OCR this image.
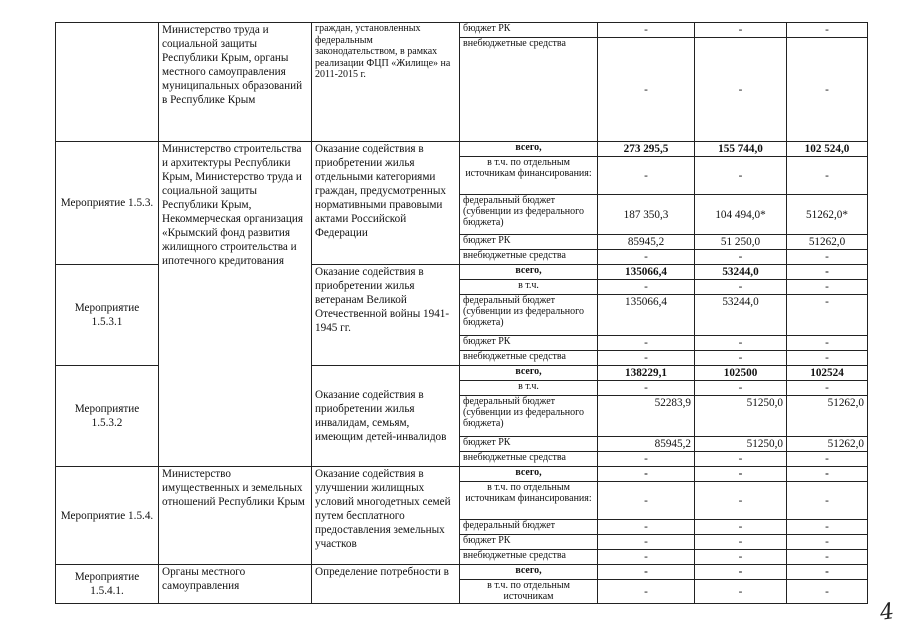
	Министерство труда и социальной защиты Республики Крым, органы местного самоуправления муниципальных образований в Республике Крым	граждан, установленных федеральным законодательством, в рамках реализации ФЦП «Жилище» на 2011-2015 г.	бюджет РК	-	-	-
			внебюджетные средства	-	-	-
Мероприятие 1.5.3.	Министерство строительства и архитектуры Республики Крым, Министерство труда и социальной защиты Республики Крым, Некоммерческая организация «Крымский фонд развития жилищного строительства и ипотечного кредитования	Оказание содействия в приобретении жилья отдельными категориями граждан, предусмотренных нормативными правовыми актами Российской Федерации	всего,	273 295,5	155 744,0	102 524,0
			в т.ч. по отдельным источникам финансирования:	-	-	-
			федеральный бюджет (субвенции из федерального бюджета)	187 350,3	104 494,0*	51262,0*
			бюджет РК	85945,2	51 250,0	51262,0
			внебюджетные средства	-	-	-
Мероприятие 1.5.3.1		Оказание содействия в приобретении жилья ветеранам Великой Отечественной войны 1941-1945 гг.	всего,	135066,4	53244,0	-
			в т.ч.	-	-	-
			федеральный бюджет (субвенции из федерального бюджета)	135066,4	53244,0	-
			бюджет РК	-	-	-
			внебюджетные средства	-	-	-
Мероприятие 1.5.3.2		Оказание содействия в приобретении жилья инвалидам, семьям, имеющим детей-инвалидов	всего,	138229,1	102500	102524
			в т.ч.	-	-	-
			федеральный бюджет (субвенции из федерального бюджета)	52283,9	51250,0	51262,0
			бюджет РК	85945,2	51250,0	51262,0
			внебюджетные средства	-	-	-
Мероприятие 1.5.4.	Министерство имущественных и земельных отношений Республики Крым	Оказание содействия в улучшении жилищных условий многодетных семей путем бесплатного предоставления земельных участков	всего,	-	-	-
			в т.ч. по отдельным источникам финансирования:	-	-	-
			федеральный бюджет	-	-	-
			бюджет РК	-	-	-
			внебюджетные средства	-	-	-
Мероприятие 1.5.4.1.	Органы местного самоуправления	Определение потребности в	всего,	-	-	-
			в т.ч. по отдельным источникам	-	-	-
4
